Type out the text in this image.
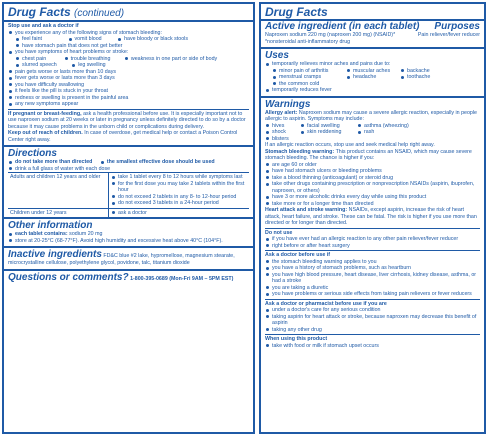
Drug Facts (continued)
Stop use and ask a doctor if
you experience any of the following signs of stomach bleeding:
feel faint	vomit blood	have bloody or black stools
have stomach pain that does not get better
you have symptoms of heart problems or stroke:
chest pain	trouble breathing	weakness in one part or side of body
slurred speech	leg swelling
pain gets worse or lasts more than 10 days
fever gets worse or lasts more than 3 days
you have difficulty swallowing
it feels like the pill is stuck in your throat
redness or swelling is present in the painful area
any new symptoms appear
If pregnant or breast-feeding, ask a health professional before use. It is especially important not to use naproxen sodium at 20 weeks or later in pregnancy unless definitely directed to do so by a doctor because it may cause problems in the unborn child or complications during delivery.
Keep out of reach of children. In case of overdose, get medical help or contact a Poison Control Center right away.
Directions
do not take more than directed	the smallest effective dose should be used
drink a full glass of water with each dose
Adults and children 12 years and older	take 1 tablet every 8 to 12 hours while symptoms last
for the first dose you may take 2 tablets within the first hour
do not exceed 2 tablets in any 8- to 12-hour period
do not exceed 3 tablets in a 24-hour period

Children under 12 years	ask a doctor
Other information
each tablet contains: sodium 20 mg
store at 20-25°C (68-77°F). Avoid high humidity and excessive heat above 40°C (104°F).
Inactive ingredients FD&C blue #2 lake, hypromellose, magnesium stearate, microcrystalline cellulose, polyethylene glycol, povidone, talc, titanium dioxide
Questions or comments? 1-800-395-0689 (Mon-Fri 9AM – 5PM EST)
Drug Facts
Active ingredient (in each tablet) Purposes
Naproxen sodium 220 mg (naproxen 200 mg) (NSAID)*	Pain reliever/fever reducer
*nonsteroidal anti-inflammatory drug
Uses
temporarily relieves minor aches and pains due to:
minor pain of arthritis
menstrual cramps
the common cold
muscular aches
headache
backache
toothache
temporarily reduces fever
Warnings
Allergy alert: Naproxen sodium may cause a severe allergic reaction, especially in people allergic to aspirin. Symptoms may include:
hives	facial swelling	asthma (wheezing)
shock	skin reddening	rash
blisters
If an allergic reaction occurs, stop use and seek medical help right away.
Stomach bleeding warning: This product contains an NSAID, which may cause severe stomach bleeding. The chance is higher if you:
are age 60 or older
have had stomach ulcers or bleeding problems
take a blood thinning (anticoagulant) or steroid drug
take other drugs containing prescription or nonprescription NSAIDs (aspirin, ibuprofen, naproxen, or others)
have 3 or more alcoholic drinks every day while using this product
take more or for a longer time than directed
Heart attack and stroke warning: NSAIDs, except aspirin, increase the risk of heart attack, heart failure, and stroke. These can be fatal. The risk is higher if you use more than directed or for longer than directed.
Do not use
if you have ever had an allergic reaction to any other pain reliever/fever reducer
right before or after heart surgery
Ask a doctor before use if
the stomach bleeding warning applies to you
you have a history of stomach problems, such as heartburn
you have high blood pressure, heart disease, liver cirrhosis, kidney disease, asthma, or had a stroke
you are taking a diuretic
you have problems or serious side effects from taking pain relievers or fever reducers
Ask a doctor or pharmacist before use if you are
under a doctor's care for any serious condition
taking aspirin for heart attack or stroke, because naproxen may decrease this benefit of aspirin
taking any other drug
When using this product
take with food or milk if stomach upset occurs
